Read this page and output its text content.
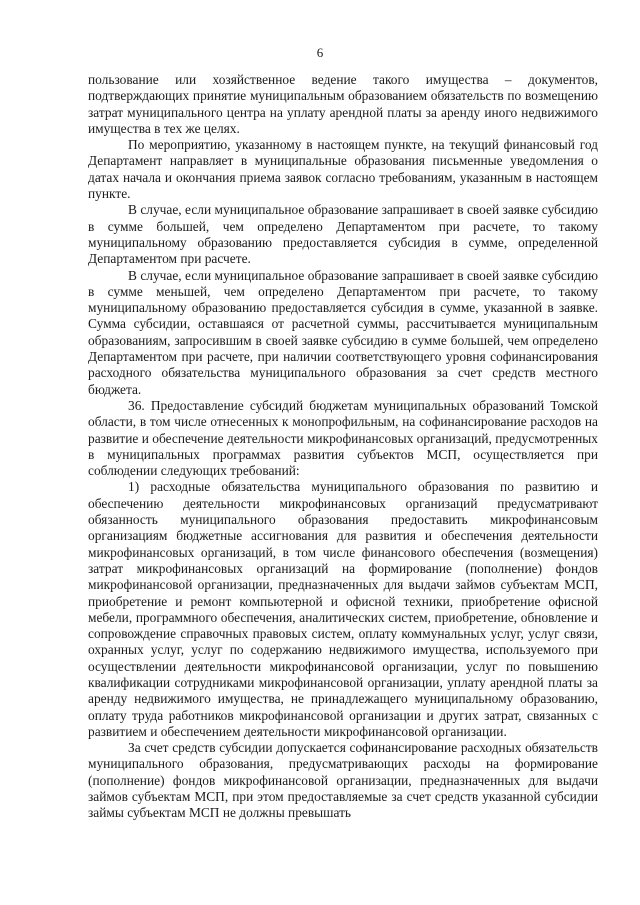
6

пользование или хозяйственное ведение такого имущества – документов, подтверждающих принятие муниципальным образованием обязательств по возмещению затрат муниципального центра на уплату арендной платы за аренду иного недвижимого имущества в тех же целях.

По мероприятию, указанному в настоящем пункте, на текущий финансовый год Департамент направляет в муниципальные образования письменные уведомления о датах начала и окончания приема заявок согласно требованиям, указанным в настоящем пункте.

В случае, если муниципальное образование запрашивает в своей заявке субсидию в сумме большей, чем определено Департаментом при расчете, то такому муниципальному образованию предоставляется субсидия в сумме, определенной Департаментом при расчете.

В случае, если муниципальное образование запрашивает в своей заявке субсидию в сумме меньшей, чем определено Департаментом при расчете, то такому муниципальному образованию предоставляется субсидия в сумме, указанной в заявке. Сумма субсидии, оставшаяся от расчетной суммы, рассчитывается муниципальным образованиям, запросившим в своей заявке субсидию в сумме большей, чем определено Департаментом при расчете, при наличии соответствующего уровня софинансирования расходного обязательства муниципального образования за счет средств местного бюджета.

36. Предоставление субсидий бюджетам муниципальных образований Томской области, в том числе отнесенных к монопрофильным, на софинансирование расходов на развитие и обеспечение деятельности микрофинансовых организаций, предусмотренных в муниципальных программах развития субъектов МСП, осуществляется при соблюдении следующих требований:

1) расходные обязательства муниципального образования по развитию и обеспечению деятельности микрофинансовых организаций предусматривают обязанность муниципального образования предоставить микрофинансовым организациям бюджетные ассигнования для развития и обеспечения деятельности микрофинансовых организаций, в том числе финансового обеспечения (возмещения) затрат микрофинансовых организаций на формирование (пополнение) фондов микрофинансовой организации, предназначенных для выдачи займов субъектам МСП, приобретение и ремонт компьютерной и офисной техники, приобретение офисной мебели, программного обеспечения, аналитических систем, приобретение, обновление и сопровождение справочных правовых систем, оплату коммунальных услуг, услуг связи, охранных услуг, услуг по содержанию недвижимого имущества, используемого при осуществлении деятельности микрофинансовой организации, услуг по повышению квалификации сотрудниками микрофинансовой организации, уплату арендной платы за аренду недвижимого имущества, не принадлежащего муниципальному образованию, оплату труда работников микрофинансовой организации и других затрат, связанных с развитием и обеспечением деятельности микрофинансовой организации.

За счет средств субсидии допускается софинансирование расходных обязательств муниципального образования, предусматривающих расходы на формирование (пополнение) фондов микрофинансовой организации, предназначенных для выдачи займов субъектам МСП, при этом предоставляемые за счет средств указанной субсидии займы субъектам МСП не должны превышать
